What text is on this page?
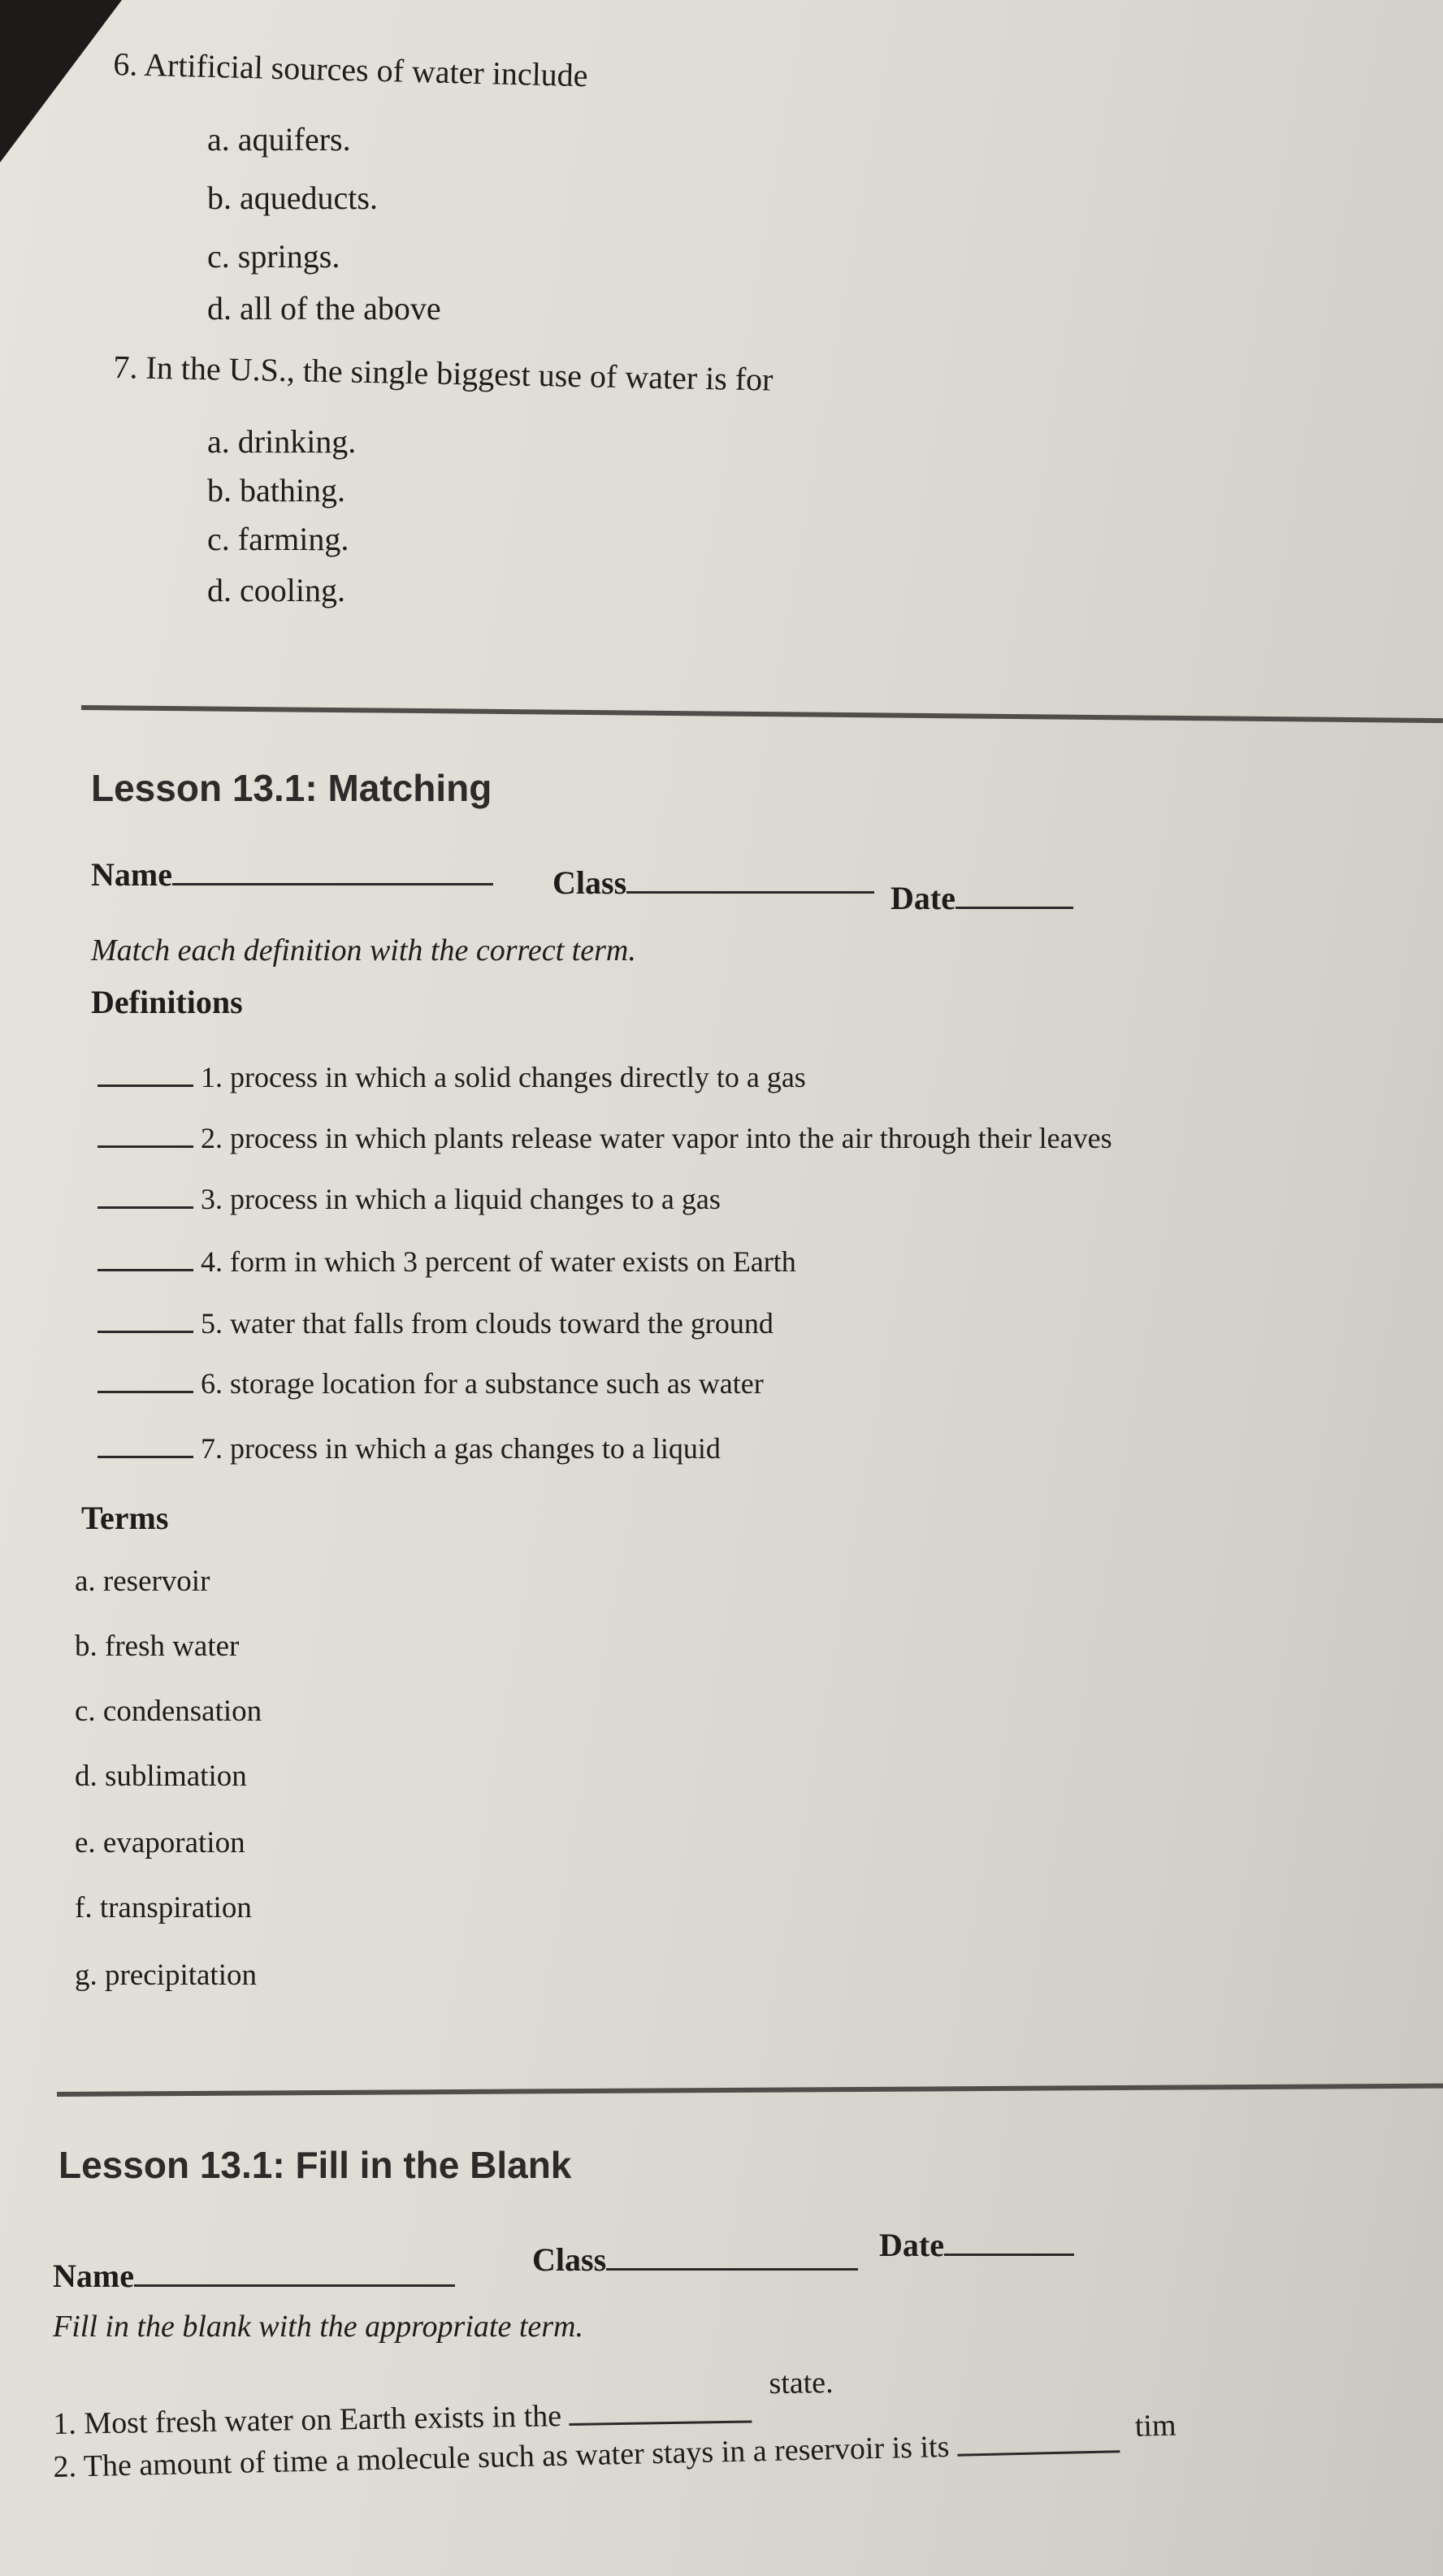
6. Artificial sources of water include
a. aquifers.
b. aqueducts.
c. springs.
d. all of the above
7. In the U.S., the single biggest use of water is for
a. drinking.
b. bathing.
c. farming.
d. cooling.
Lesson 13.1: Matching
Name	Class	Date
Match each definition with the correct term.
Definitions
1. process in which a solid changes directly to a gas
2. process in which plants release water vapor into the air through their leaves
3. process in which a liquid changes to a gas
4. form in which 3 percent of water exists on Earth
5. water that falls from clouds toward the ground
6. storage location for a substance such as water
7. process in which a gas changes to a liquid
Terms
a. reservoir
b. fresh water
c. condensation
d. sublimation
e. evaporation
f. transpiration
g. precipitation
Lesson 13.1: Fill in the Blank
Name	Class	Date
Fill in the blank with the appropriate term.
1. Most fresh water on Earth exists in the  state.
2. The amount of time a molecule such as water stays in a reservoir is its  tim
